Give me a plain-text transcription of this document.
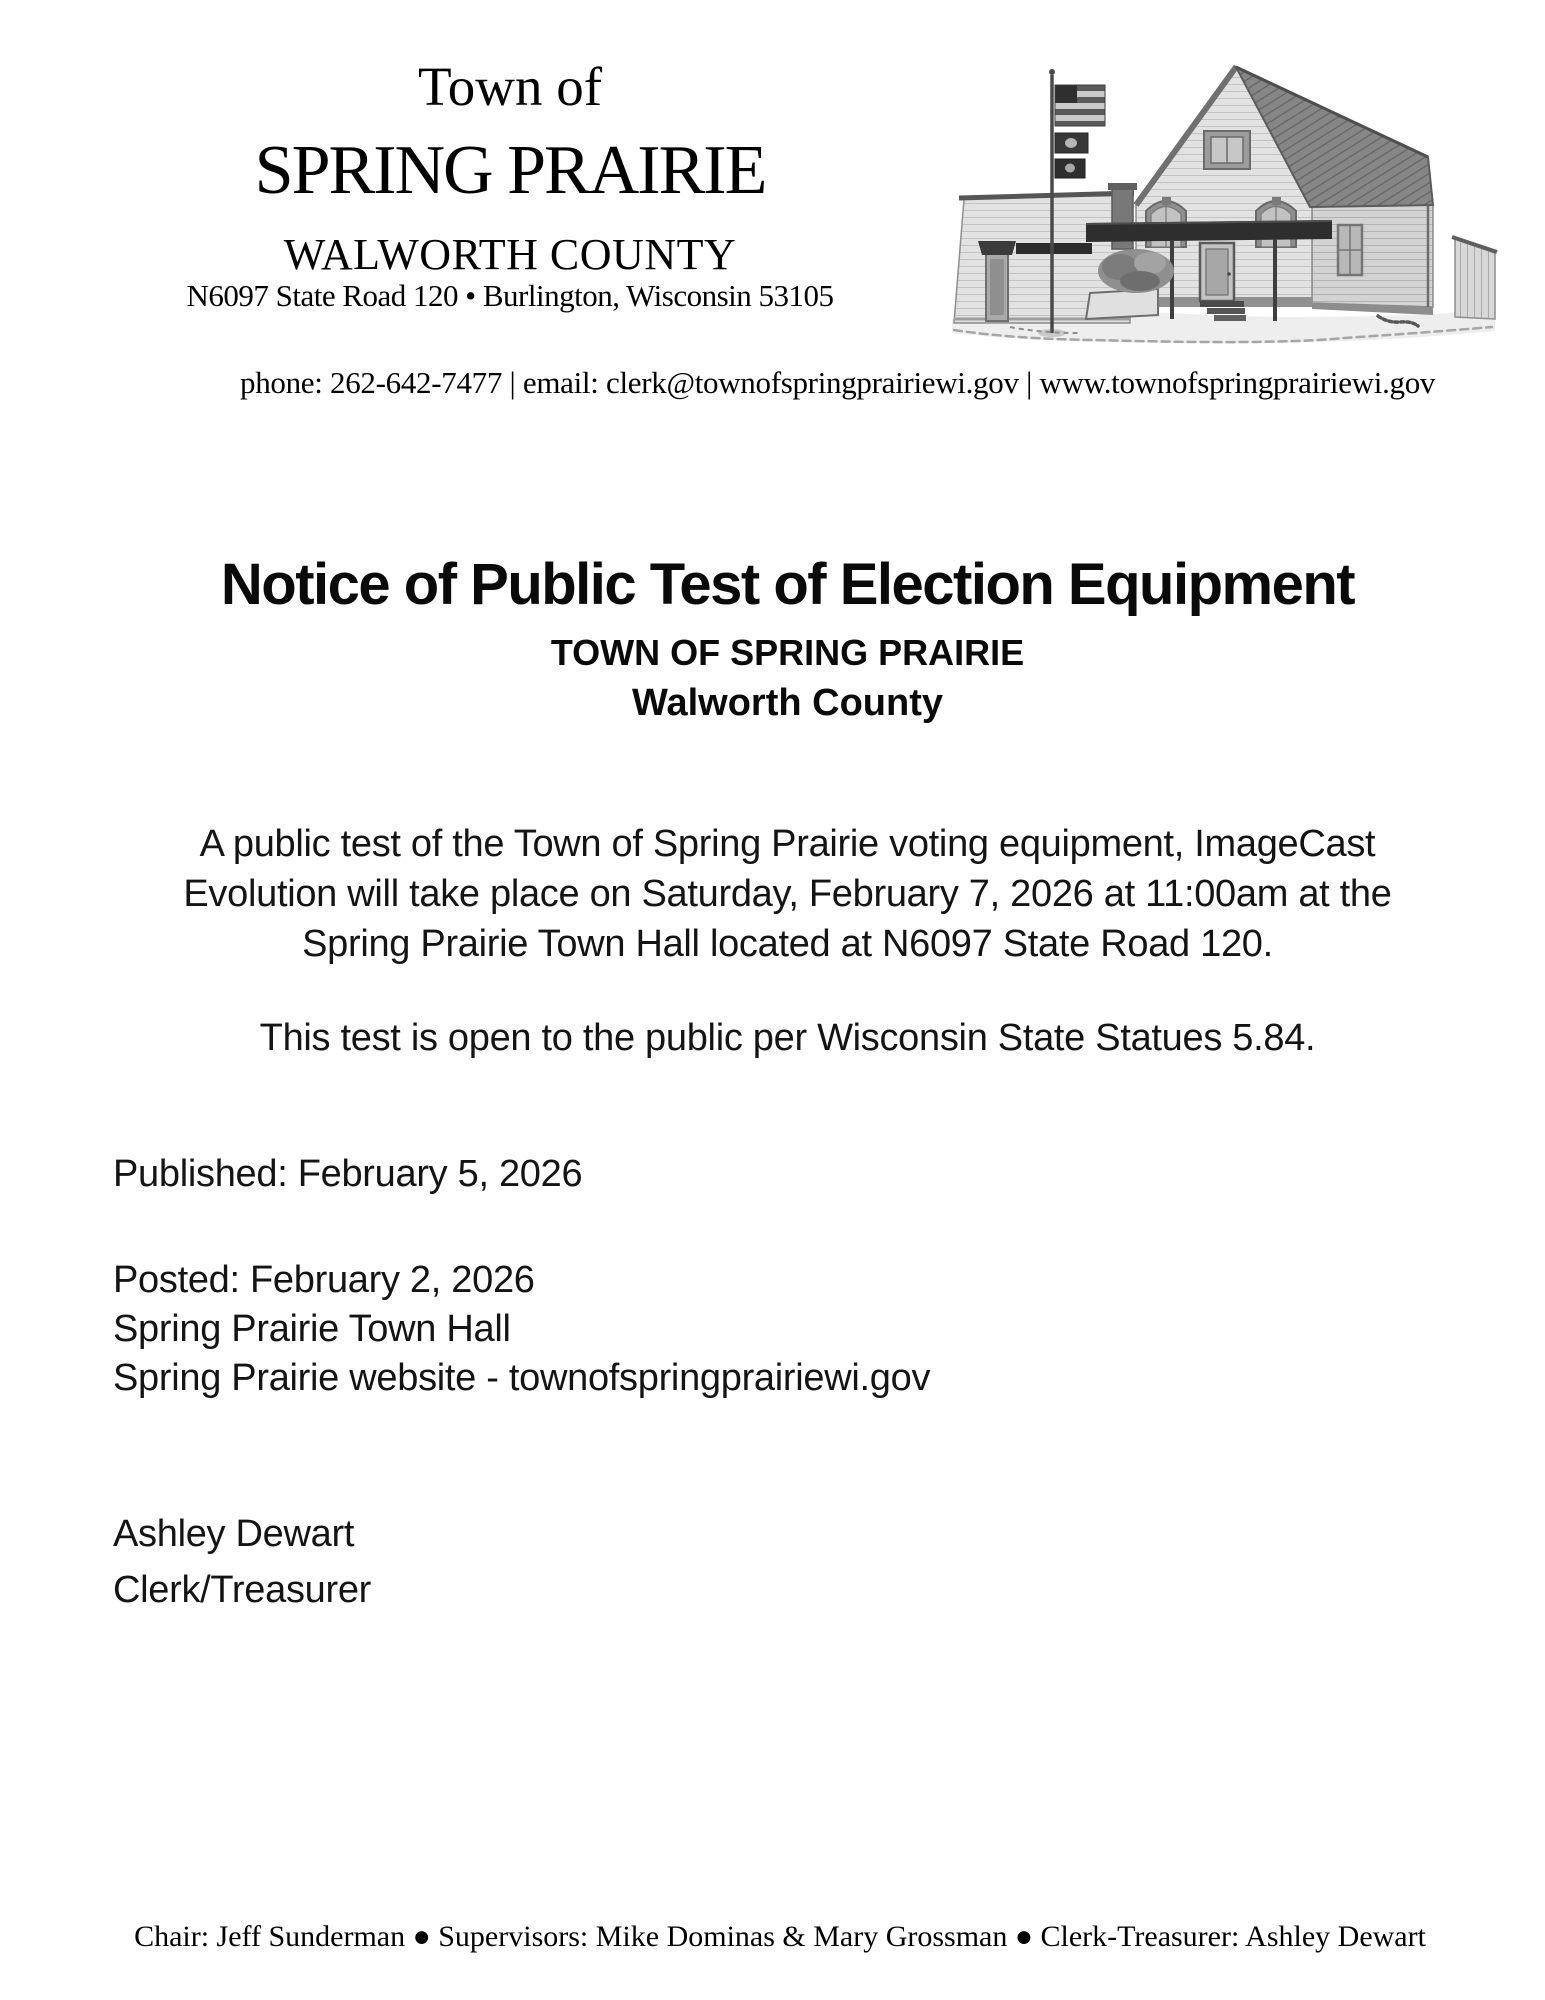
Town of
SPRING PRAIRIE
WALWORTH COUNTY
N6097 State Road 120 • Burlington, Wisconsin 53105
phone: 262-642-7477 | email: clerk@townofspringprairiewi.gov | www.townofspringprairiewi.gov
Notice of Public Test of Election Equipment
TOWN OF SPRING PRAIRIE
Walworth County
A public test of the Town of Spring Prairie voting equipment, ImageCast
Evolution will take place on Saturday, February 7, 2026 at 11:00am at the
Spring Prairie Town Hall located at N6097 State Road 120.
This test is open to the public per Wisconsin State Statues 5.84.
Published: February 5, 2026
Posted: February 2, 2026
Spring Prairie Town Hall
Spring Prairie website - townofspringprairiewi.gov
Ashley Dewart
Clerk/Treasurer
Chair: Jeff Sunderman ● Supervisors: Mike Dominas & Mary Grossman ● Clerk-Treasurer: Ashley Dewart
